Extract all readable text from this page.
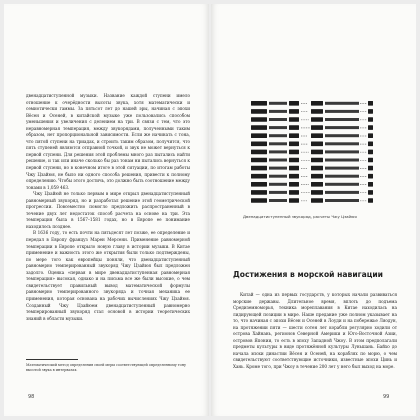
двенадцатиступенной музыки. Название каждой ступени имело отношение к очерёдности высоты звука, хотя математически и семиотически гаммы. За пятьсот лет до нашей эры, начиная с эпохи Вёсен и Осеней, в китайской музыке уже пользовались способом уменьшения и увеличения с делением на три. В связи с тем, что это неравномерная темперация, между звукорядами, полученными таким образом, нет пропорциональной зависимости. Если же начинать с тона, что пятой ступени на триадах, и строить таким образом, получится, что пять ступеней являются отправной точкой, и звук не может вернуться к первой ступени. Для решения этой проблемы много раз пытались найти решение, и так или иначе сколько бы раз тонам ни пытались вернуться к первой ступени, но в конечном итоге в этой ситуации, по итогам работы Чжу Цзайюя, не было ни одного способа решения, привести к полному определению. Чтобы этого достичь, это должно быть соотношение между тонами в 1,059 463.

Чжу Цзайюй не только первым в мире открыл двенадцатиступенный равномерный звукоряд, но и разработал решение этой геометрической прогрессии. Повсеместно помогло предложить распространенный в течение двух лет недостаток способ расчета на основе на три. Эта темперация была в 1567–1581 годах, но в Европе ее понимание находилось позднее.

В 1636 году, то есть почти на пятьдесят лет позже, ее определение и передал в Европу француз Марен Мерсенн. Применение равномерной темперации в Европе открыло новую главу в истории музыки. В Китае применение и важность этого же открытия были только подтверждены, по мере того как европейцы поняли, что двенадцатиступенный равномерно темперированный звукоряд Чжу Цзайюя был предложен задолго. Оценка «первая в мире двенадцатиступенная равномерная темперация» высокая, однако и на письма все же были высокие, о чем свидетельствует правильный вывод математической формулы равномерно темперированного звукоряда и точная механика ее применения, которая основана на рабочих вычислениях Чжу Цзайюя. Созданный Чжу Цзайюем двенадцатиступенный равномерно темперированный звукоряд стал основой в истории теоретических знаний в области музыки.

Математический метод определения своей меры соответствующей определенному тону высотой звука в интервалах.
98
Двенадцатиступенный звукоряд, расчеты Чжу Цзайюя
Достижения в морской навигации

Китай — одна из первых государств, у которых начали развиваться морские державы. Длительное время, вплоть до подъема Средиземноморья, техника мореплавания в Китае находилась на лидирующей позиции в мире. Наше предание уже полном указывает на то, что начиная с эпохи Вёсен и Осеней в Лоуди и на побережье Ляодун, на протяжении пяти — шести сотен лет корабли регулярно ходили от острова Хайнань, регионов Северной Америки и Юго-Восточной Азии, островов Японии, то есть в эпоху Западной Чжоу. В этом предполагали предметы культуры в виде протяжённой культуры Луньшань. Байхо до начала эпохи династии Вёсен и Осеней, на кораблях по морю, о чем свидетельствуют соответствующие источники, известные эпохи Цинь и Хань. Кроме того, при Чжоу в течение 200 лет у него был выход на море.

99
